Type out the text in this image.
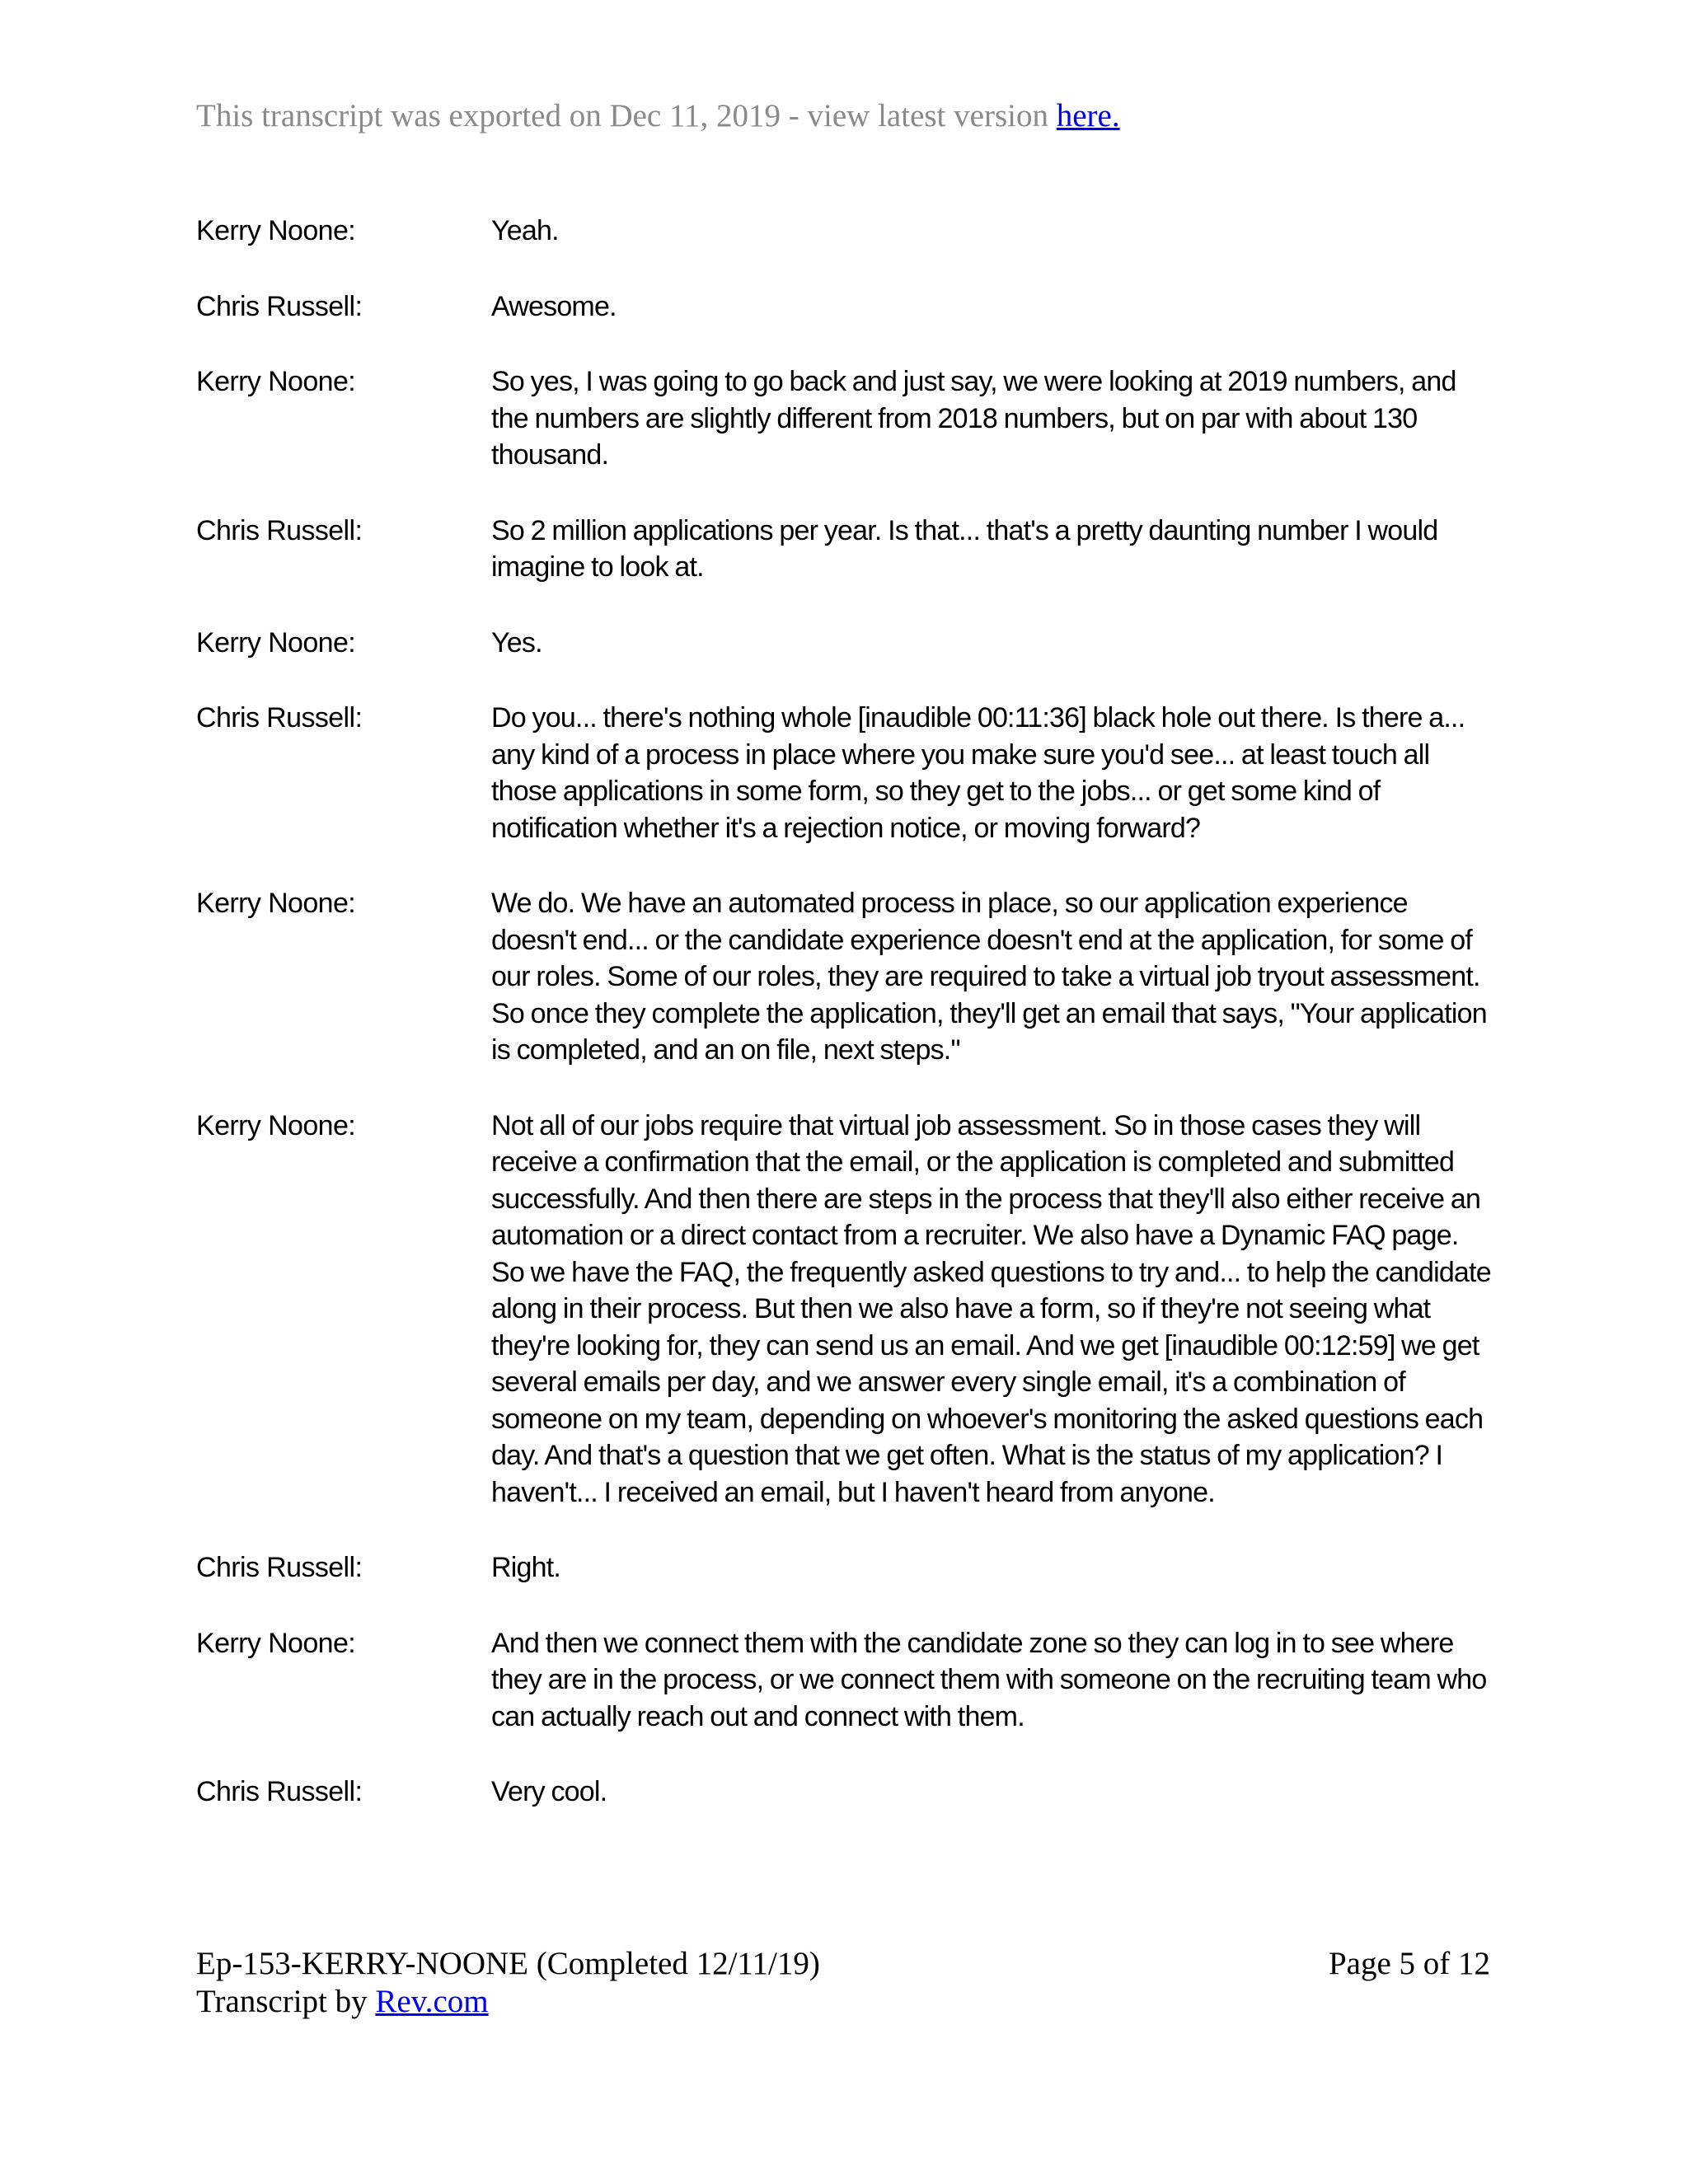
This transcript was exported on Dec 11, 2019 - view latest version here.
Kerry Noone:	Yeah.
Chris Russell:	Awesome.
Kerry Noone:	So yes, I was going to go back and just say, we were looking at 2019 numbers, and the numbers are slightly different from 2018 numbers, but on par with about 130 thousand.
Chris Russell:	So 2 million applications per year. Is that... that's a pretty daunting number I would imagine to look at.
Kerry Noone:	Yes.
Chris Russell:	Do you... there's nothing whole [inaudible 00:11:36] black hole out there. Is there a... any kind of a process in place where you make sure you'd see... at least touch all those applications in some form, so they get to the jobs... or get some kind of notification whether it's a rejection notice, or moving forward?
Kerry Noone:	We do. We have an automated process in place, so our application experience doesn't end... or the candidate experience doesn't end at the application, for some of our roles. Some of our roles, they are required to take a virtual job tryout assessment. So once they complete the application, they'll get an email that says, "Your application is completed, and an on file, next steps."
Kerry Noone:	Not all of our jobs require that virtual job assessment. So in those cases they will receive a confirmation that the email, or the application is completed and submitted successfully. And then there are steps in the process that they'll also either receive an automation or a direct contact from a recruiter. We also have a Dynamic FAQ page. So we have the FAQ, the frequently asked questions to try and... to help the candidate along in their process. But then we also have a form, so if they're not seeing what they're looking for, they can send us an email. And we get [inaudible 00:12:59] we get several emails per day, and we answer every single email, it's a combination of someone on my team, depending on whoever's monitoring the asked questions each day. And that's a question that we get often. What is the status of my application? I haven't... I received an email, but I haven't heard from anyone.
Chris Russell:	Right.
Kerry Noone:	And then we connect them with the candidate zone so they can log in to see where they are in the process, or we connect them with someone on the recruiting team who can actually reach out and connect with them.
Chris Russell:	Very cool.
Ep-153-KERRY-NOONE (Completed 12/11/19)	Page 5 of 12
Transcript by Rev.com
